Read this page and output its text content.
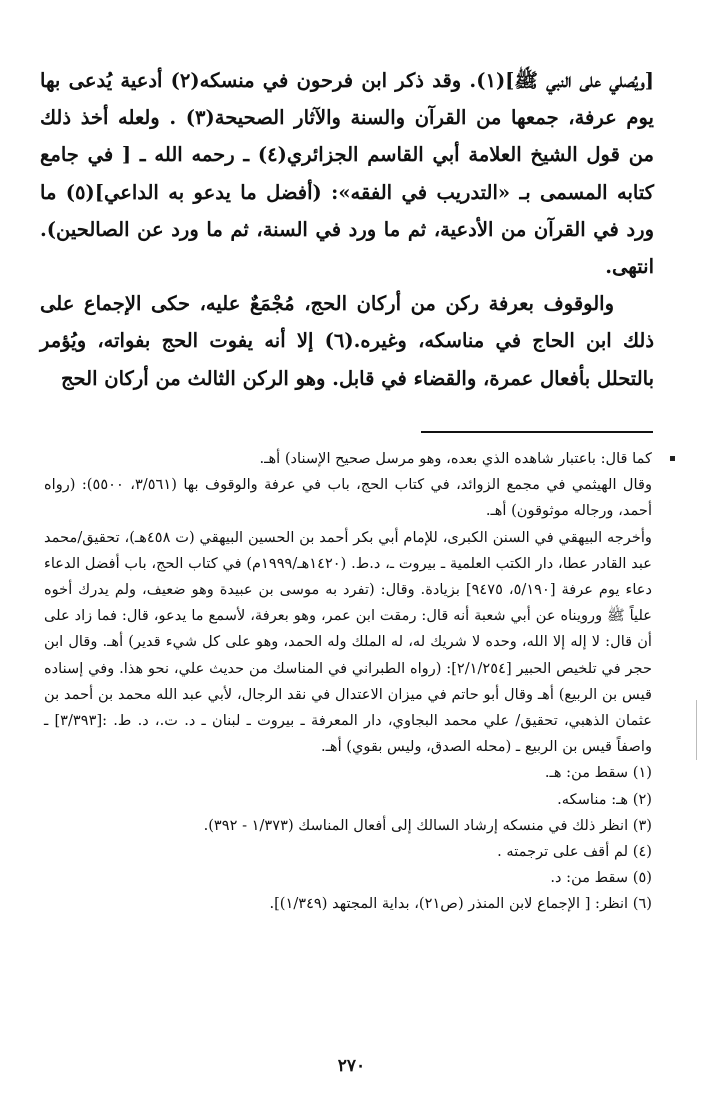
[ويُصلي على النبي ﷺ](١). وقد ذكر ابن فرحون في منسكه(٢) أدعية يُدعى بها يوم عرفة، جمعها من القرآن والسنة والآثار الصحيحة(٣) . ولعله أخذ ذلك من قول الشيخ العلامة أبي القاسم الجزائري(٤) ـ رحمه الله ـ [ في جامع كتابه المسمى بـ «التدريب في الفقه»: (أفضل ما يدعو به الداعي](٥) ما ورد في القرآن من الأدعية، ثم ما ورد في السنة، ثم ما ورد عن الصالحين). انتهى.

والوقوف بعرفة ركن من أركان الحج، مُجْمَعٌ عليه، حكى الإجماع على ذلك ابن الحاج في مناسكه، وغيره.(٦) إلا أنه يفوت الحج بفواته، ويُؤمر بالتحلل بأفعال عمرة، والقضاء في قابل. وهو الركن الثالث من أركان الحج

كما قال: باعتبار شاهده الذي بعده، وهو مرسل صحيح الإسناد) أهـ.

وقال الهيثمي في مجمع الزوائد، في كتاب الحج، باب في عرفة والوقوف بها (٣/٥٦١، ٥٥٠٠): (رواه أحمد، ورجاله موثوقون) أهـ.

وأخرجه البيهقي في السنن الكبرى، للإمام أبي بكر أحمد بن الحسين البيهقي (ت ٤٥٨هـ)، تحقيق/محمد عبد القادر عطا، دار الكتب العلمية ـ بيروت ـ، د.ط. (١٤٢٠هـ/١٩٩٩م) في كتاب الحج، باب أفضل الدعاء دعاء يوم عرفة [٥/١٩٠، ٩٤٧٥] بزيادة. وقال: (تفرد به موسى بن عبيدة وهو ضعيف، ولم يدرك أخوه علياً ﷺ ورويناه عن أبي شعبة أنه قال: رمقت ابن عمر، وهو بعرفة، لأسمع ما يدعو، قال: فما زاد على أن قال: لا إله إلا الله، وحده لا شريك له، له الملك وله الحمد، وهو على كل شيء قدير) أهـ. وقال ابن حجر في تلخيص الحبير [٢/١/٢٥٤]: (رواه الطبراني في المناسك من حديث علي، نحو هذا. وفي إسناده قيس بن الربيع) أهـ وقال أبو حاتم في ميزان الاعتدال في نقد الرجال، لأبي عبد الله محمد بن أحمد بن عثمان الذهبي، تحقيق/ علي محمد البجاوي، دار المعرفة ـ بيروت ـ لبنان ـ د. ت.، د. ط. :[٣/٣٩٣] ـ واصفاً قيس بن الربيع ـ (محله الصدق، وليس بقوي) أهـ.

(١) سقط من: هـ.

(٢) هـ: مناسكه.

(٣) انظر ذلك في منسكه إرشاد السالك إلى أفعال المناسك (١/٣٧٣ - ٣٩٢).

(٤) لم أقف على ترجمته .

(٥) سقط من: د.

(٦) انظر: [ الإجماع لابن المنذر (ص٢١)، بداية المجتهد (١/٣٤٩)].

٢٧٠
